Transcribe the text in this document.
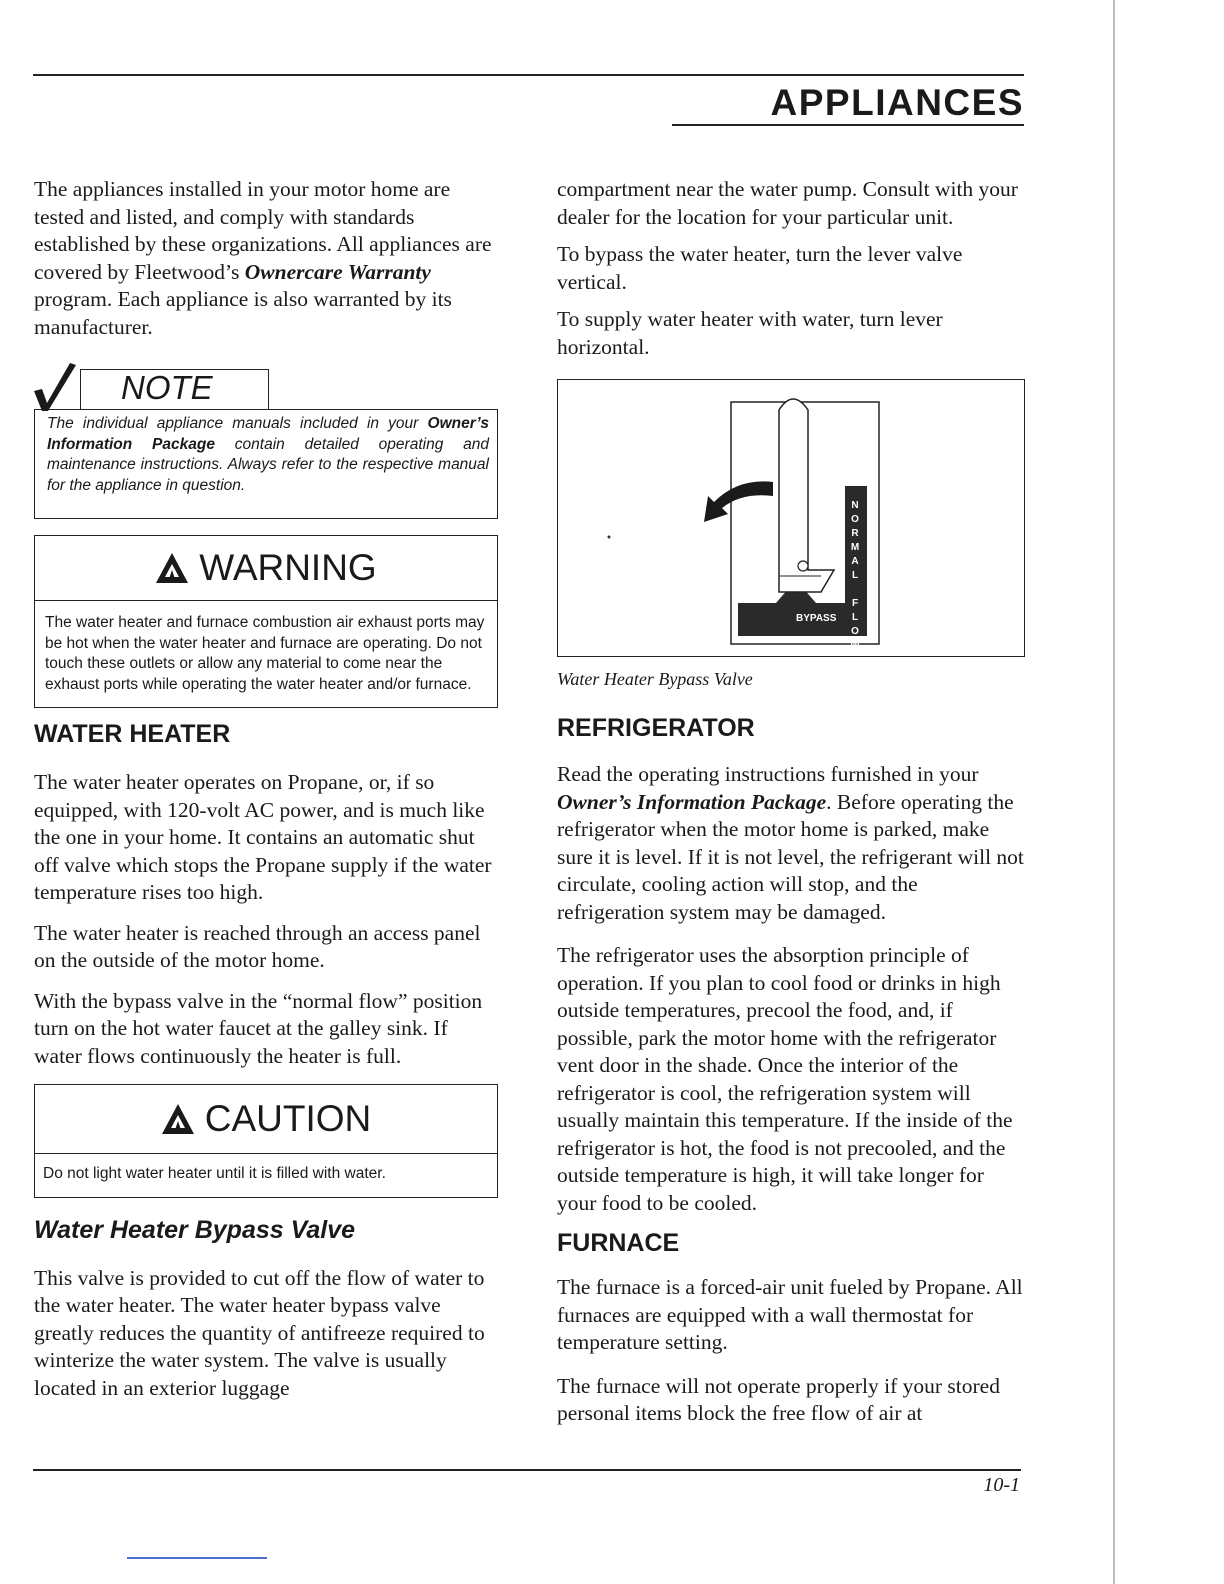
APPLIANCES

The appliances installed in your motor home are tested and listed, and comply with standards established by these organizations. All appliances are covered by Fleetwood’s Ownercare Warranty program. Each appliance is also warranted by its manufacturer.

NOTE

The individual appliance manuals included in your Owner’s Information Package contain detailed operating and maintenance instructions. Always refer to the respective manual for the appliance in question.

WARNING

The water heater and furnace combustion air exhaust ports may be hot when the water heater and furnace are operating. Do not touch these outlets or allow any material to come near the exhaust ports while operating the water heater and/or furnace.

WATER HEATER

The water heater operates on Propane, or, if so equipped, with 120-volt AC power, and is much like the one in your home. It contains an automatic shut off valve which stops the Propane supply if the water temperature rises too high.

The water heater is reached through an access panel on the outside of the motor home.

With the bypass valve in the “normal flow” position turn on the hot water faucet at the galley sink. If water flows continuously the heater is full.

CAUTION

Do not light water heater until it is filled with water.

Water Heater Bypass Valve

This valve is provided to cut off the flow of water to the water heater. The water heater bypass valve greatly reduces the quantity of antifreeze required to winterize the water system. The valve is usually located in an exterior luggage

compartment near the water pump. Consult with your dealer for the location for your particular unit.

To bypass the water heater, turn the lever valve vertical.

To supply water heater with water, turn lever horizontal.

N
O
R
M
A
L

F
L
O
W
BYPASS

Water Heater Bypass Valve

REFRIGERATOR

Read the operating instructions furnished in your Owner’s Information Package. Before operating the refrigerator when the motor home is parked, make sure it is level. If it is not level, the refrigerant will not circulate, cooling action will stop, and the refrigeration system may be damaged.

The refrigerator uses the absorption principle of operation. If you plan to cool food or drinks in high outside temperatures, precool the food, and, if possible, park the motor home with the refrigerator vent door in the shade. Once the interior of the refrigerator is cool, the refrigeration system will usually maintain this temperature. If the inside of the refrigerator is hot, the food is not precooled, and the outside temperature is high, it will take longer for your food to be cooled.

FURNACE

The furnace is a forced-air unit fueled by Propane. All furnaces are equipped with a wall thermostat for temperature setting.

The furnace will not operate properly if your stored personal items block the free flow of air at

10-1
